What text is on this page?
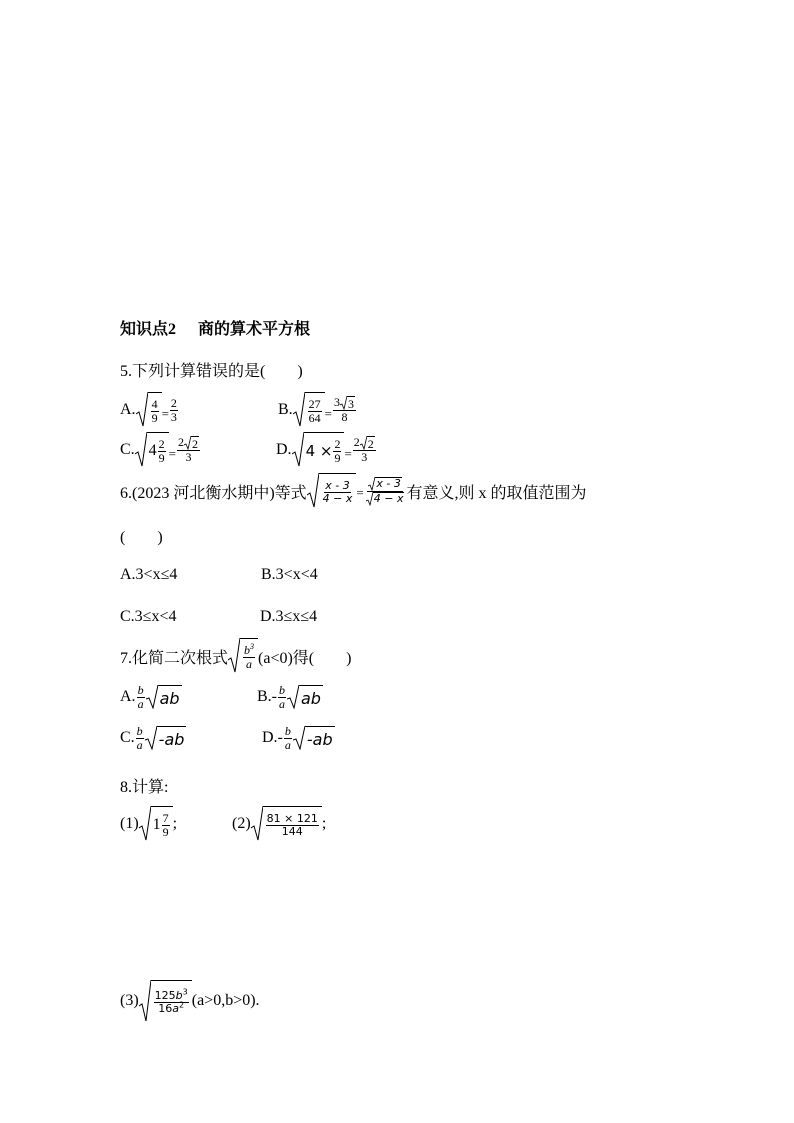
知识点2 商的算术平方根
5.下列计算错误的是(　　)
A. $\frac{4}{9} = \frac{2}{3}$	B. $\frac{27}{64} = \frac{3 3}{8}$
C. $4 \frac{2}{9} = \frac{2 2}{3}$	D. $4 \times \frac{2}{9} = \frac{2 2}{3}$
6.(2023 河北衡水期中)等式 $\frac{x - 3}{4 - x} = \frac{x - 3}{4 - x}$ 有意义,则 x 的取值范围为
(　　)
A.3<x≤4	B.3<x<4
C.3≤x<4	D.3≤x≤4
7.化简二次根式 $\frac{b^3}{a} (a<0)$得(　　)
A. $\frac{b}{a}$ ab	$B.- \frac{b}{a}$ ab
C. $\frac{b}{a} -ab$	$D.- \frac{b}{a} -ab$
8.计算:
(1) $1 \frac{7}{9}$ ;	$(2) \frac{81 \times 121}{144}$ ;
$(3) \frac{125b^3}{16a^2} (a>0,b>0)$.
